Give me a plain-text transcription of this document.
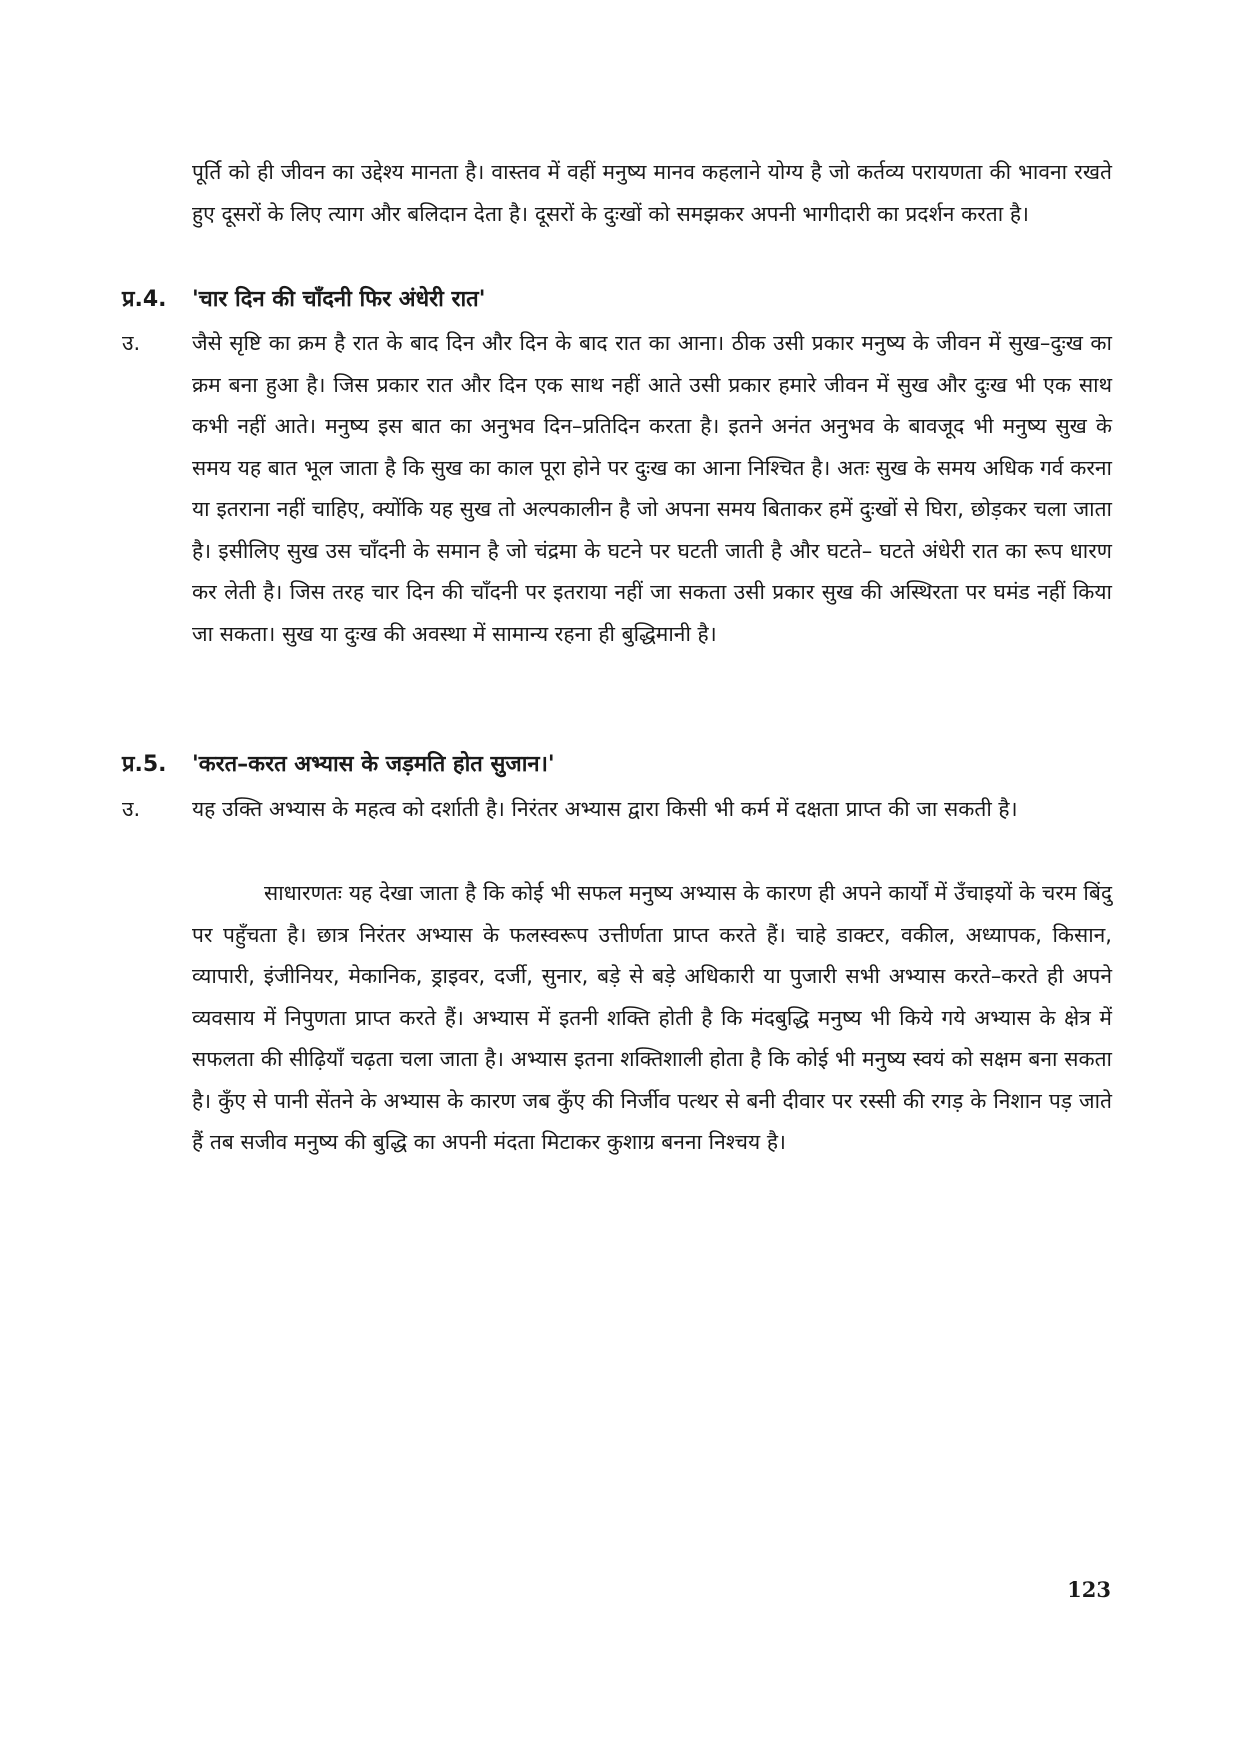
पूर्ति को ही जीवन का उद्देश्य मानता है। वास्तव में वहीं मनुष्य मानव कहलाने योग्य है जो कर्तव्य परायणता की भावना रखते हुए दूसरों के लिए त्याग और बलिदान देता है। दूसरों के दुःखों को समझकर अपनी भागीदारी का प्रदर्शन करता है।

प्र.4. 'चार दिन की चाँदनी फिर अंधेरी रात'
उ. जैसे सृष्टि का क्रम है रात के बाद दिन और दिन के बाद रात का आना। ठीक उसी प्रकार मनुष्य के जीवन में सुख–दुःख का क्रम बना हुआ है। जिस प्रकार रात और दिन एक साथ नहीं आते उसी प्रकार हमारे जीवन में सुख और दुःख भी एक साथ कभी नहीं आते। मनुष्य इस बात का अनुभव दिन–प्रतिदिन करता है। इतने अनंत अनुभव के बावजूद भी मनुष्य सुख के समय यह बात भूल जाता है कि सुख का काल पूरा होने पर दुःख का आना निश्चित है। अतः सुख के समय अधिक गर्व करना या इतराना नहीं चाहिए, क्योंकि यह सुख तो अल्पकालीन है जो अपना समय बिताकर हमें दुःखों से घिरा, छोड़कर चला जाता है। इसीलिए सुख उस चाँदनी के समान है जो चंद्रमा के घटने पर घटती जाती है और घटते– घटते अंधेरी रात का रूप धारण कर लेती है। जिस तरह चार दिन की चाँदनी पर इतराया नहीं जा सकता उसी प्रकार सुख की अस्थिरता पर घमंड नहीं किया जा सकता। सुख या दुःख की अवस्था में सामान्य रहना ही बुद्धिमानी है।

प्र.5. 'करत–करत अभ्यास के जड़मति होत सुजान।'
उ. यह उक्ति अभ्यास के महत्व को दर्शाती है। निरंतर अभ्यास द्वारा किसी भी कर्म में दक्षता प्राप्त की जा सकती है।

साधारणतः यह देखा जाता है कि कोई भी सफल मनुष्य अभ्यास के कारण ही अपने कार्यों में उँचाइयों के चरम बिंदु पर पहुँचता है। छात्र निरंतर अभ्यास के फलस्वरूप उत्तीर्णता प्राप्त करते हैं। चाहे डाक्टर, वकील, अध्यापक, किसान, व्यापारी, इंजीनियर, मेकानिक, ड्राइवर, दर्जी, सुनार, बड़े से बड़े अधिकारी या पुजारी सभी अभ्यास करते–करते ही अपने व्यवसाय में निपुणता प्राप्त करते हैं। अभ्यास में इतनी शक्ति होती है कि मंदबुद्धि मनुष्य भी किये गये अभ्यास के क्षेत्र में सफलता की सीढ़ियाँ चढ़ता चला जाता है। अभ्यास इतना शक्तिशाली होता है कि कोई भी मनुष्य स्वयं को सक्षम बना सकता है। कुँए से पानी सेंतने के अभ्यास के कारण जब कुँए की निर्जीव पत्थर से बनी दीवार पर रस्सी की रगड़ के निशान पड़ जाते हैं तब सजीव मनुष्य की बुद्धि का अपनी मंदता मिटाकर कुशाग्र बनना निश्चय है।

123
